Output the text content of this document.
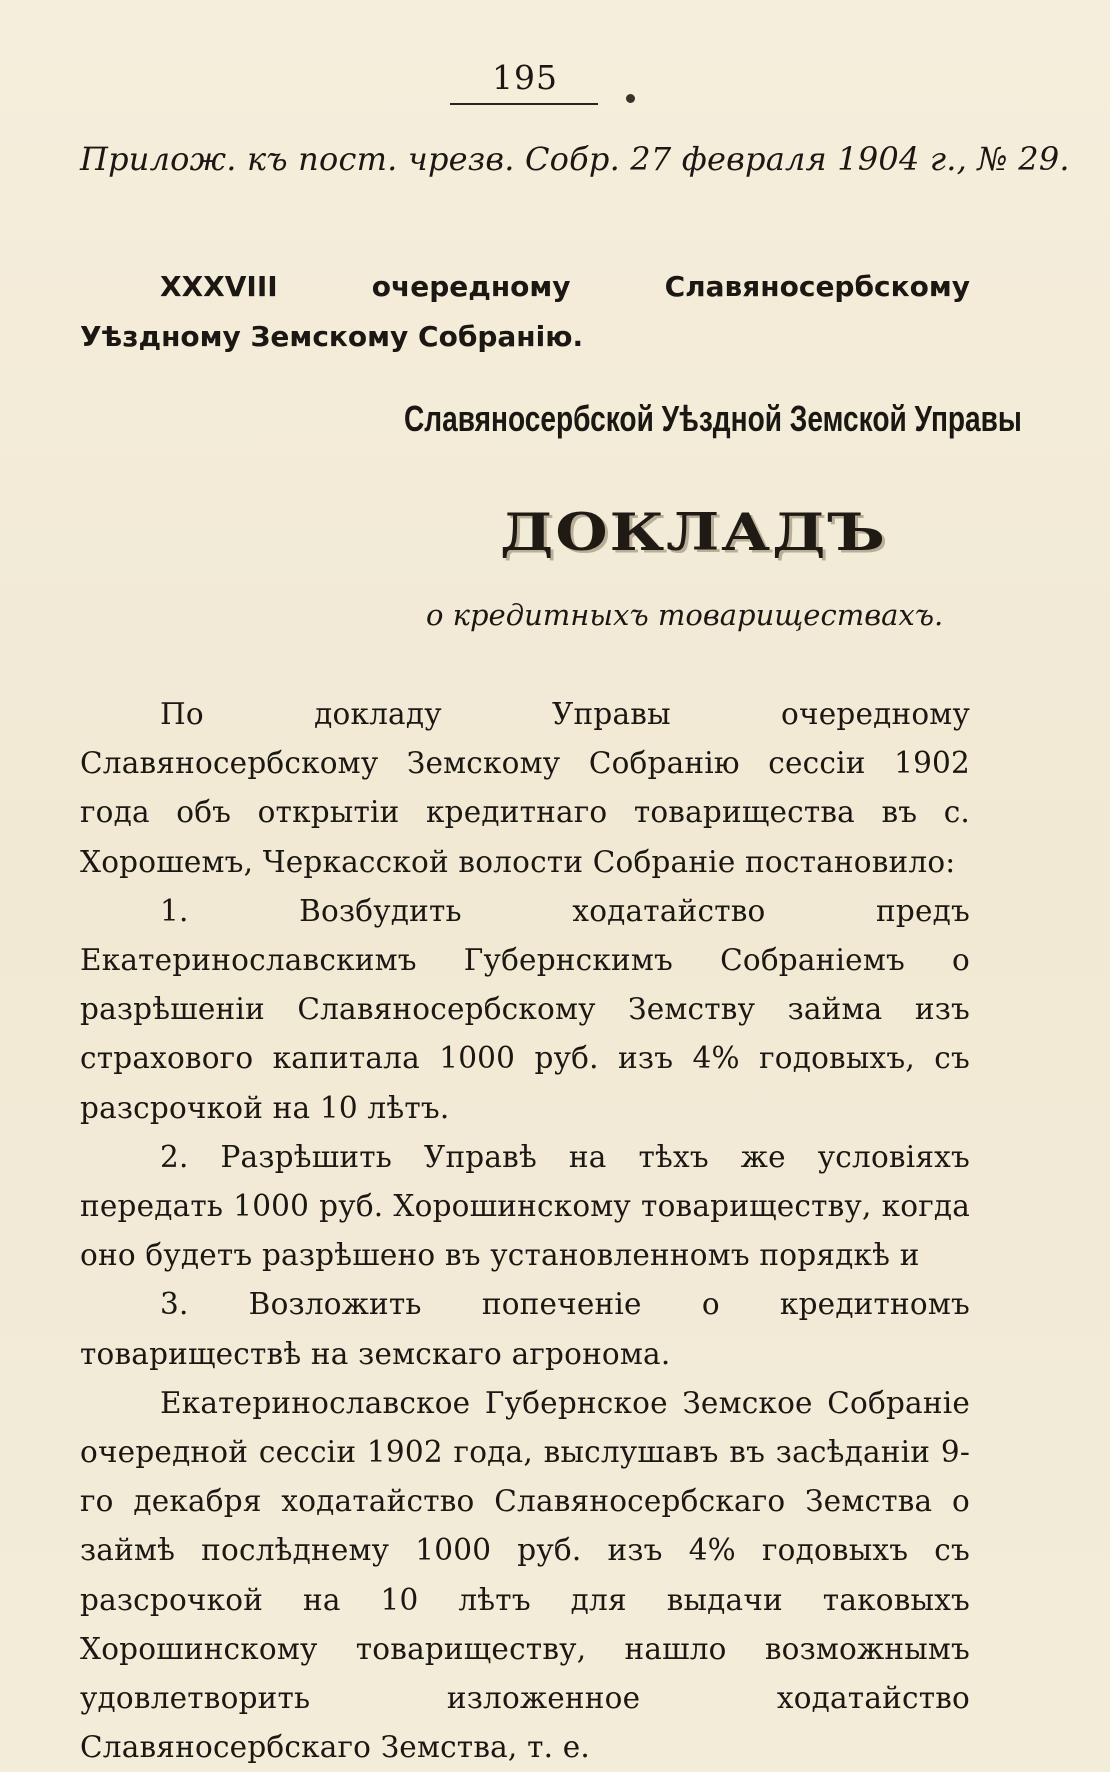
195
Прилож. къ пост. чрезв. Собр. 27 февраля 1904 г., № 29.

XXXVIII очередному Славяносербскому Уѣздному Земскому Собранію.

Славяносербской Уѣздной Земской Управы
ДОКЛАДЪ
о кредитныхъ товариществахъ.

По докладу Управы очередному Славяносербскому Земскому Собранію сессіи 1902 года объ открытіи кредитнаго товарищества въ с. Хорошемъ, Черкасской волости Собраніе постановило:

1. Возбудить ходатайство предъ Екатеринославскимъ Губернскимъ Собраніемъ о разрѣшеніи Славяносербскому Земству займа изъ страхового капитала 1000 руб. изъ 4% годовыхъ, съ разсрочкой на 10 лѣтъ.

2. Разрѣшить Управѣ на тѣхъ же условіяхъ передать 1000 руб. Хорошинскому товариществу, когда оно будетъ разрѣшено въ установленномъ порядкѣ и

3. Возложить попеченіе о кредитномъ товариществѣ на земскаго агронома.

Екатеринославское Губернское Земское Собраніе очередной сессіи 1902 года, выслушавъ въ засѣданіи 9-го декабря ходатайство Славяносербскаго Земства о займѣ послѣднему 1000 руб. изъ 4% годовыхъ съ разсрочкой на 10 лѣтъ для выдачи таковыхъ Хорошинскому товариществу, нашло возможнымъ удовлетворить изложенное ходатайство Славяносербскаго Земства, т. е.
